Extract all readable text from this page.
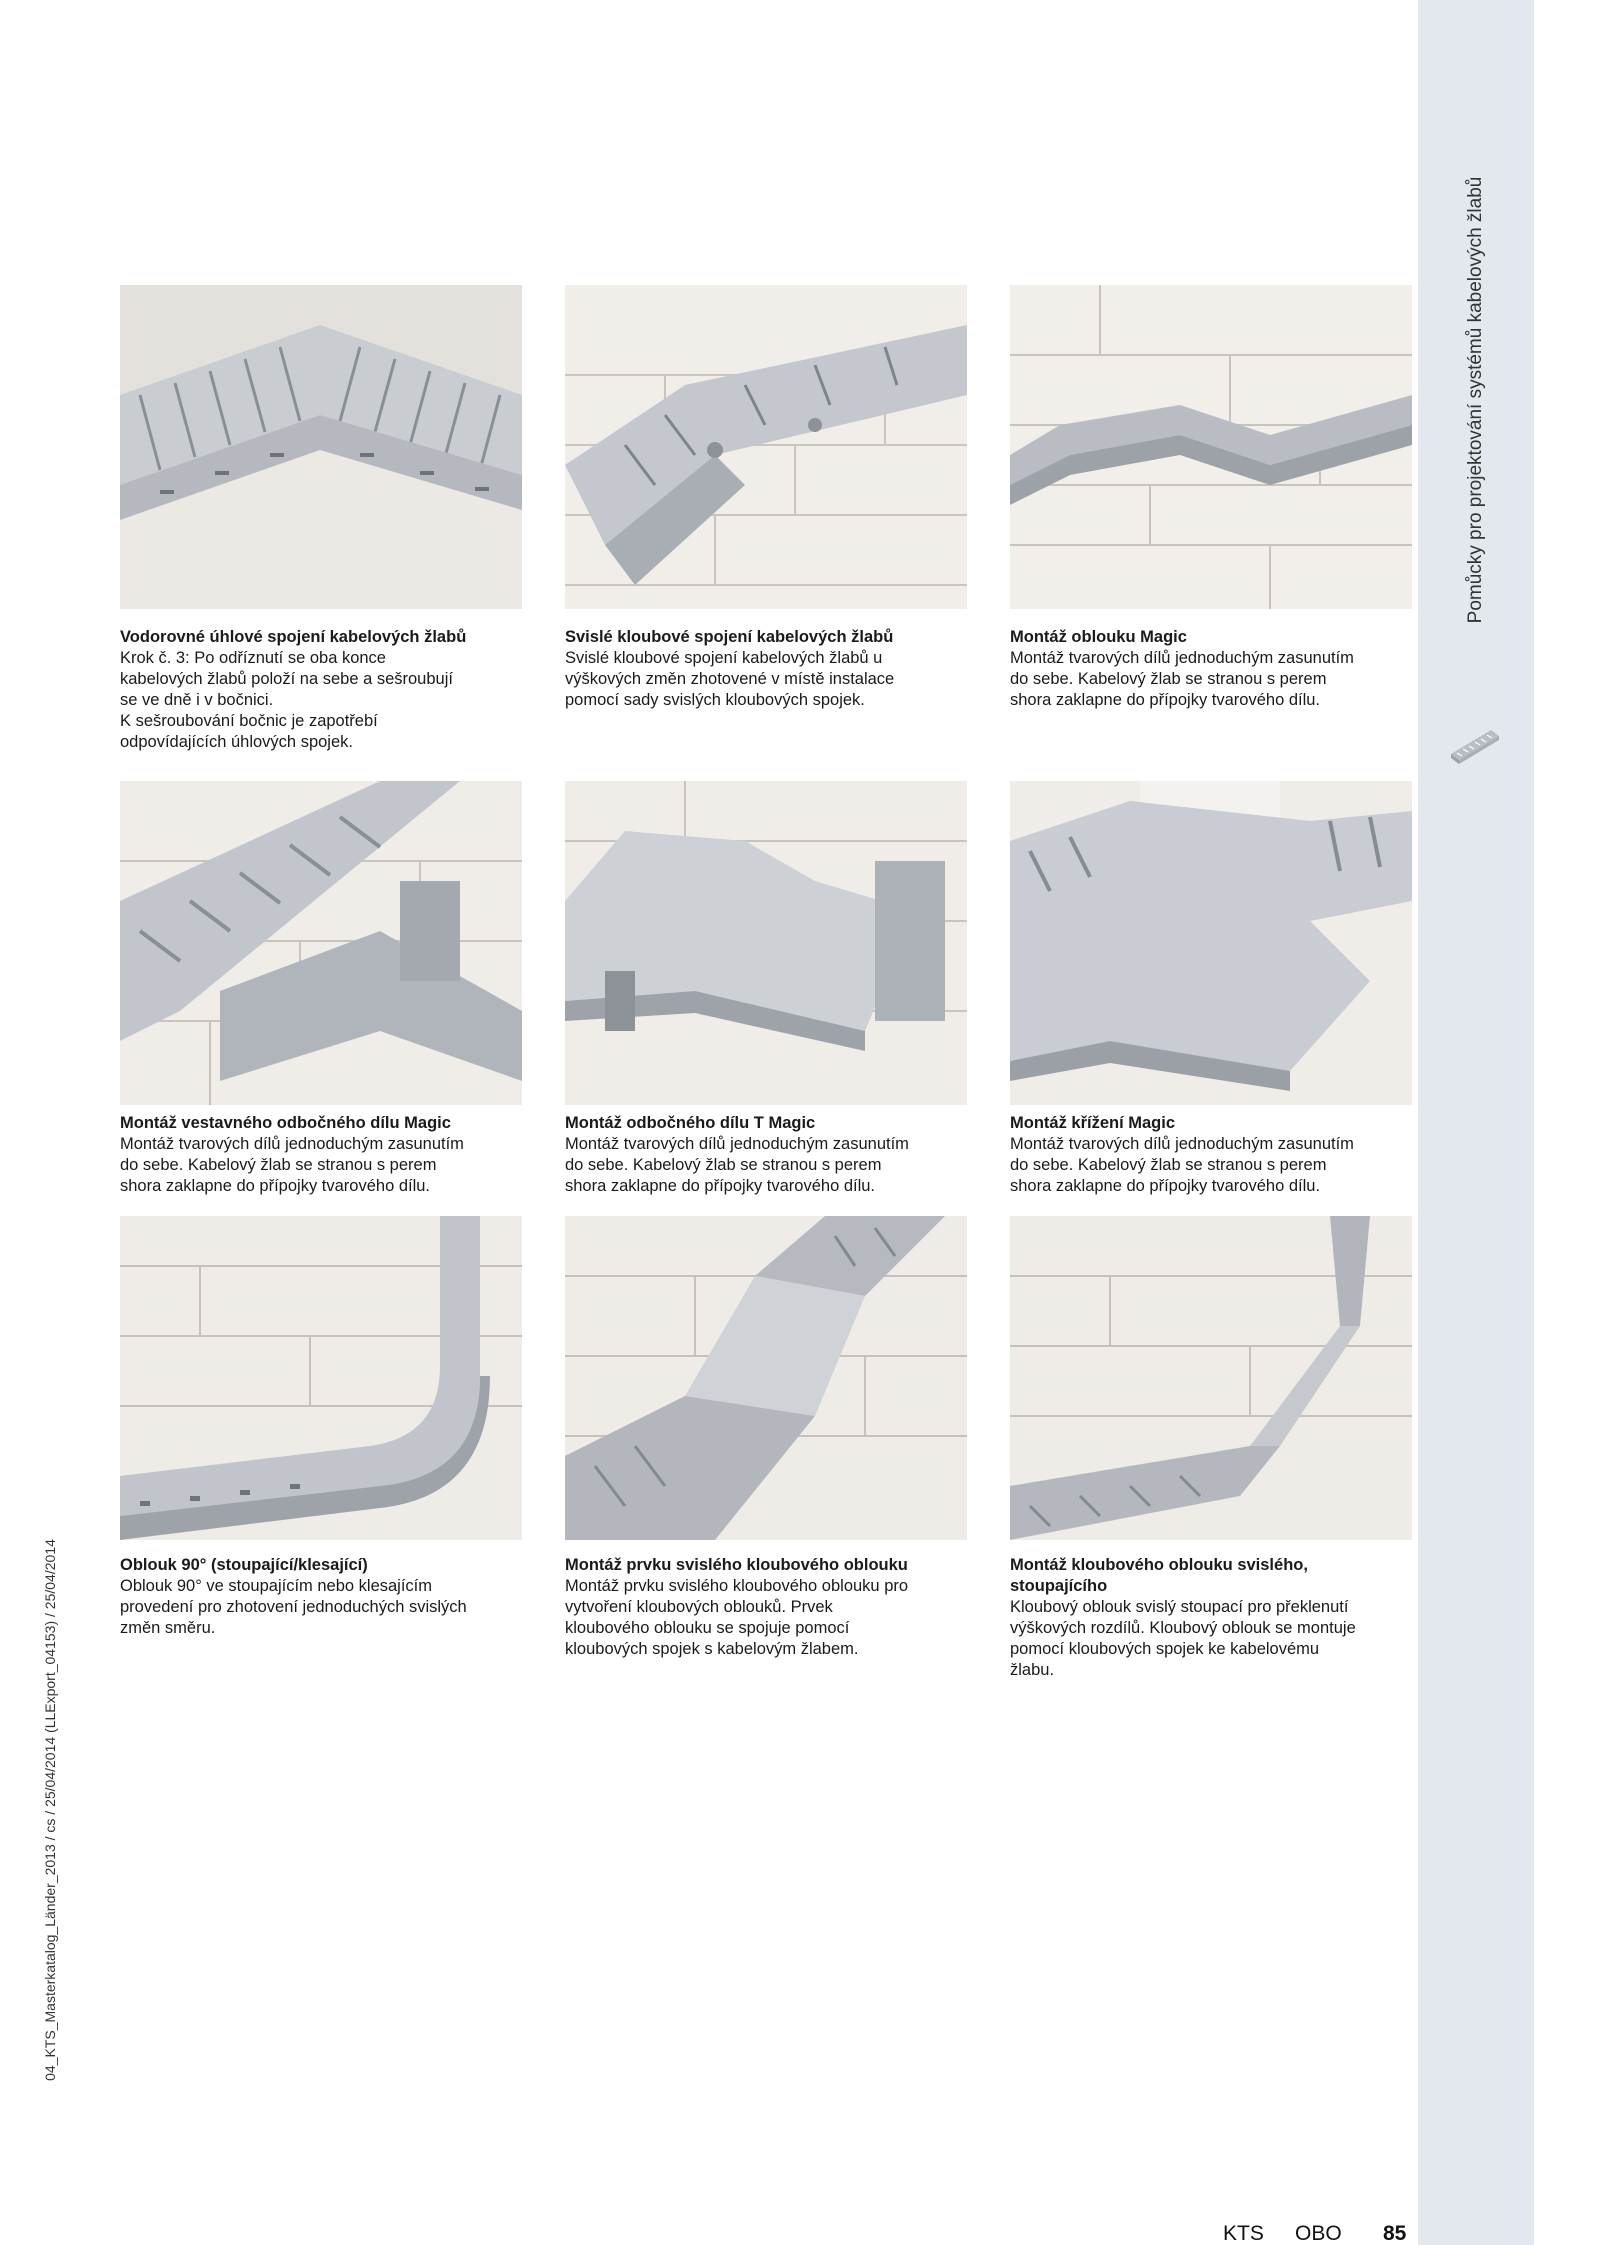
Pomůcky pro projektování systémů kabelových žlabů
04_KTS_Masterkatalog_Länder_2013 / cs / 25/04/2014 (LLExport_04153) / 25/04/2014
Vodorovné úhlové spojení kabelových žlabů
Krok č. 3: Po odříznutí se oba konce
kabelových žlabů položí na sebe a sešroubují
se ve dně i v bočnici.
K sešroubování bočnic je zapotřebí
odpovídajících úhlových spojek.
Svislé kloubové spojení kabelových žlabů
Svislé kloubové spojení kabelových žlabů u
výškových změn zhotovené v místě instalace
pomocí sady svislých kloubových spojek.
Montáž oblouku Magic
Montáž tvarových dílů jednoduchým zasunutím
do sebe. Kabelový žlab se stranou s perem
shora zaklapne do přípojky tvarového dílu.
Montáž vestavného odbočného dílu Magic
Montáž tvarových dílů jednoduchým zasunutím
do sebe. Kabelový žlab se stranou s perem
shora zaklapne do přípojky tvarového dílu.
Montáž odbočného dílu T Magic
Montáž tvarových dílů jednoduchým zasunutím
do sebe. Kabelový žlab se stranou s perem
shora zaklapne do přípojky tvarového dílu.
Montáž křížení Magic
Montáž tvarových dílů jednoduchým zasunutím
do sebe. Kabelový žlab se stranou s perem
shora zaklapne do přípojky tvarového dílu.
Oblouk 90° (stoupající/klesající)
Oblouk 90° ve stoupajícím nebo klesajícím
provedení pro zhotovení jednoduchých svislých
změn směru.
Montáž prvku svislého kloubového oblouku
Montáž prvku svislého kloubového oblouku pro
vytvoření kloubových oblouků. Prvek
kloubového oblouku se spojuje pomocí
kloubových spojek s kabelovým žlabem.
Montáž kloubového oblouku svislého,
stoupajícího
Kloubový oblouk svislý stoupací pro překlenutí
výškových rozdílů. Kloubový oblouk se montuje
pomocí kloubových spojek ke kabelovému
žlabu.
KTS OBO 85
